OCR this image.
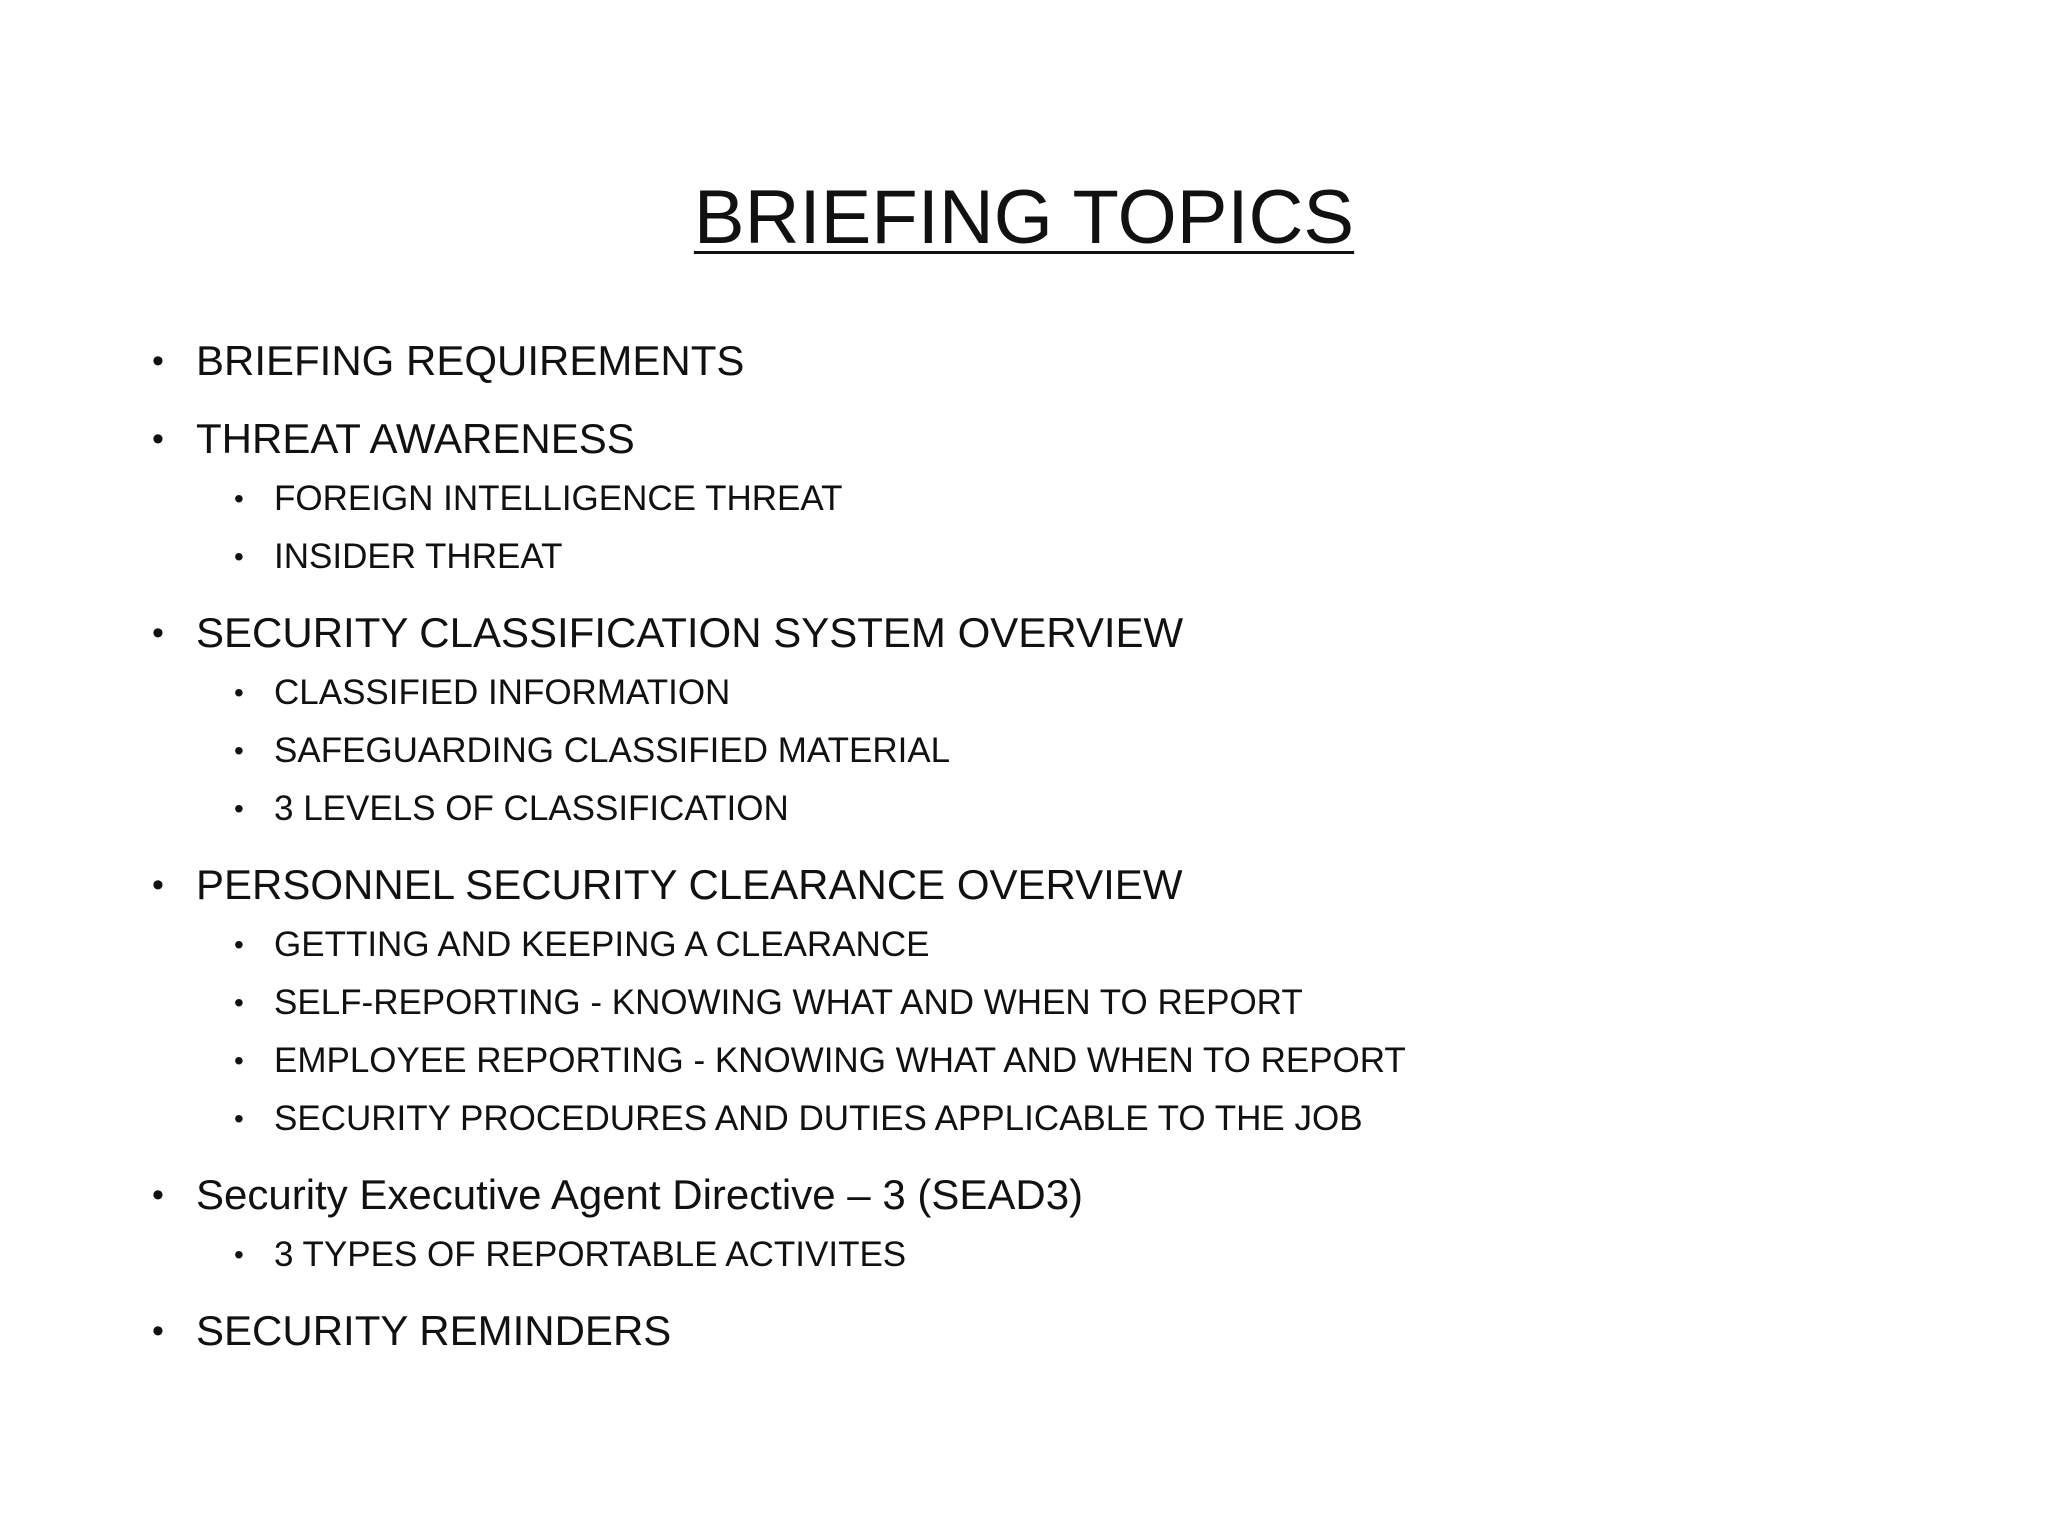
BRIEFING TOPICS
• BRIEFING REQUIREMENTS
• THREAT AWARENESS
• FOREIGN INTELLIGENCE THREAT
• INSIDER THREAT
• SECURITY CLASSIFICATION SYSTEM OVERVIEW
• CLASSIFIED INFORMATION
• SAFEGUARDING CLASSIFIED MATERIAL
• 3 LEVELS OF CLASSIFICATION
• PERSONNEL SECURITY CLEARANCE OVERVIEW
• GETTING AND KEEPING A CLEARANCE
• SELF-REPORTING - KNOWING WHAT AND WHEN TO REPORT
• EMPLOYEE REPORTING - KNOWING WHAT AND WHEN TO REPORT
• SECURITY PROCEDURES AND DUTIES APPLICABLE TO THE JOB
• Security Executive Agent Directive – 3 (SEAD3)
• 3 TYPES OF REPORTABLE ACTIVITES
• SECURITY REMINDERS
